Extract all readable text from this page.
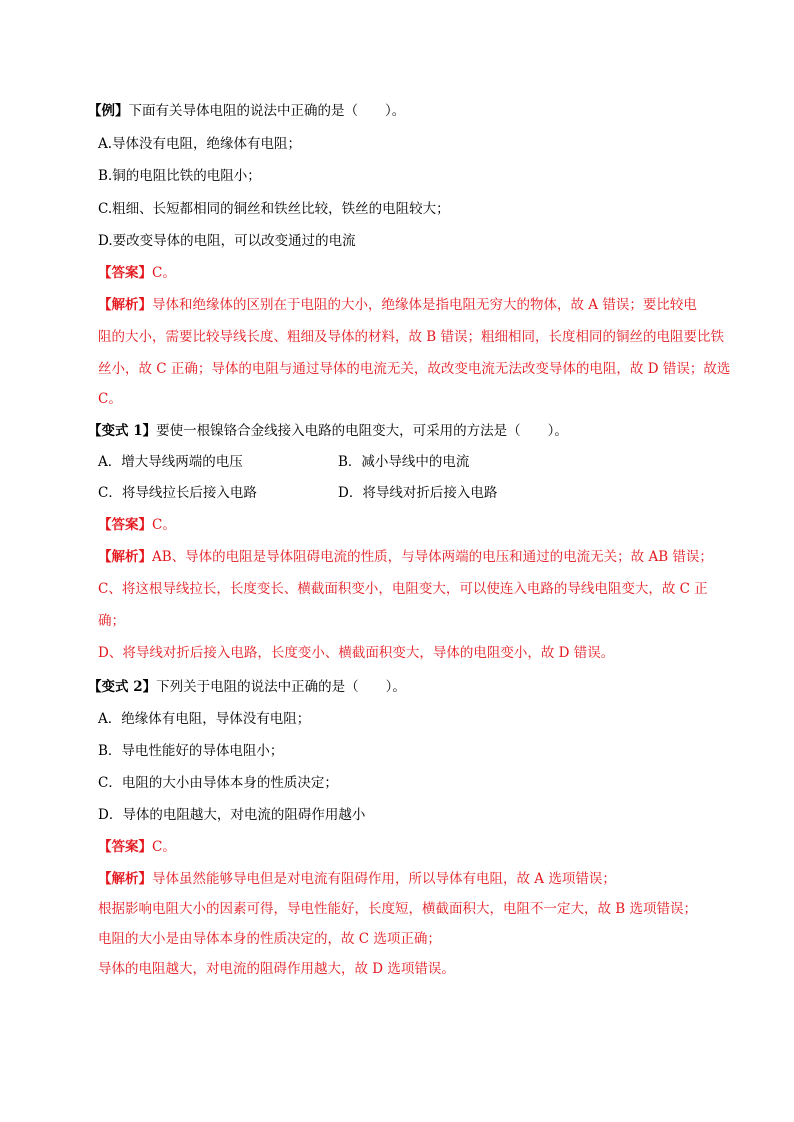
【例】下面有关导体电阻的说法中正确的是（　　）。
A.导体没有电阻，绝缘体有电阻；
B.铜的电阻比铁的电阻小；
C.粗细、长短都相同的铜丝和铁丝比较，铁丝的电阻较大；
D.要改变导体的电阻，可以改变通过的电流
【答案】C。
【解析】导体和绝缘体的区别在于电阻的大小，绝缘体是指电阻无穷大的物体，故 A 错误；要比较电
阻的大小，需要比较导线长度、粗细及导体的材料，故 B 错误；粗细相同，长度相同的铜丝的电阻要比铁
丝小，故 C 正确；导体的电阻与通过导体的电流无关，故改变电流无法改变导体的电阻，故 D 错误；故选
C。
【变式 1】要使一根镍铬合金线接入电路的电阻变大，可采用的方法是（　　）。
A．增大导线两端的电压	B．减小导线中的电流
C．将导线拉长后接入电路	D．将导线对折后接入电路
【答案】C。
【解析】AB、导体的电阻是导体阻碍电流的性质，与导体两端的电压和通过的电流无关；故 AB 错误；
C、将这根导线拉长，长度变长、横截面积变小，电阻变大，可以使连入电路的导线电阻变大，故 C 正
确；
D、将导线对折后接入电路，长度变小、横截面积变大，导体的电阻变小，故 D 错误。
【变式 2】下列关于电阻的说法中正确的是（　　）。
A．绝缘体有电阻，导体没有电阻；
B．导电性能好的导体电阻小；
C．电阻的大小由导体本身的性质决定；
D．导体的电阻越大，对电流的阻碍作用越小
【答案】C。
【解析】导体虽然能够导电但是对电流有阻碍作用，所以导体有电阻，故 A 选项错误；
根据影响电阻大小的因素可得，导电性能好，长度短，横截面积大，电阻不一定大，故 B 选项错误；
电阻的大小是由导体本身的性质决定的，故 C 选项正确；
导体的电阻越大，对电流的阻碍作用越大，故 D 选项错误。
